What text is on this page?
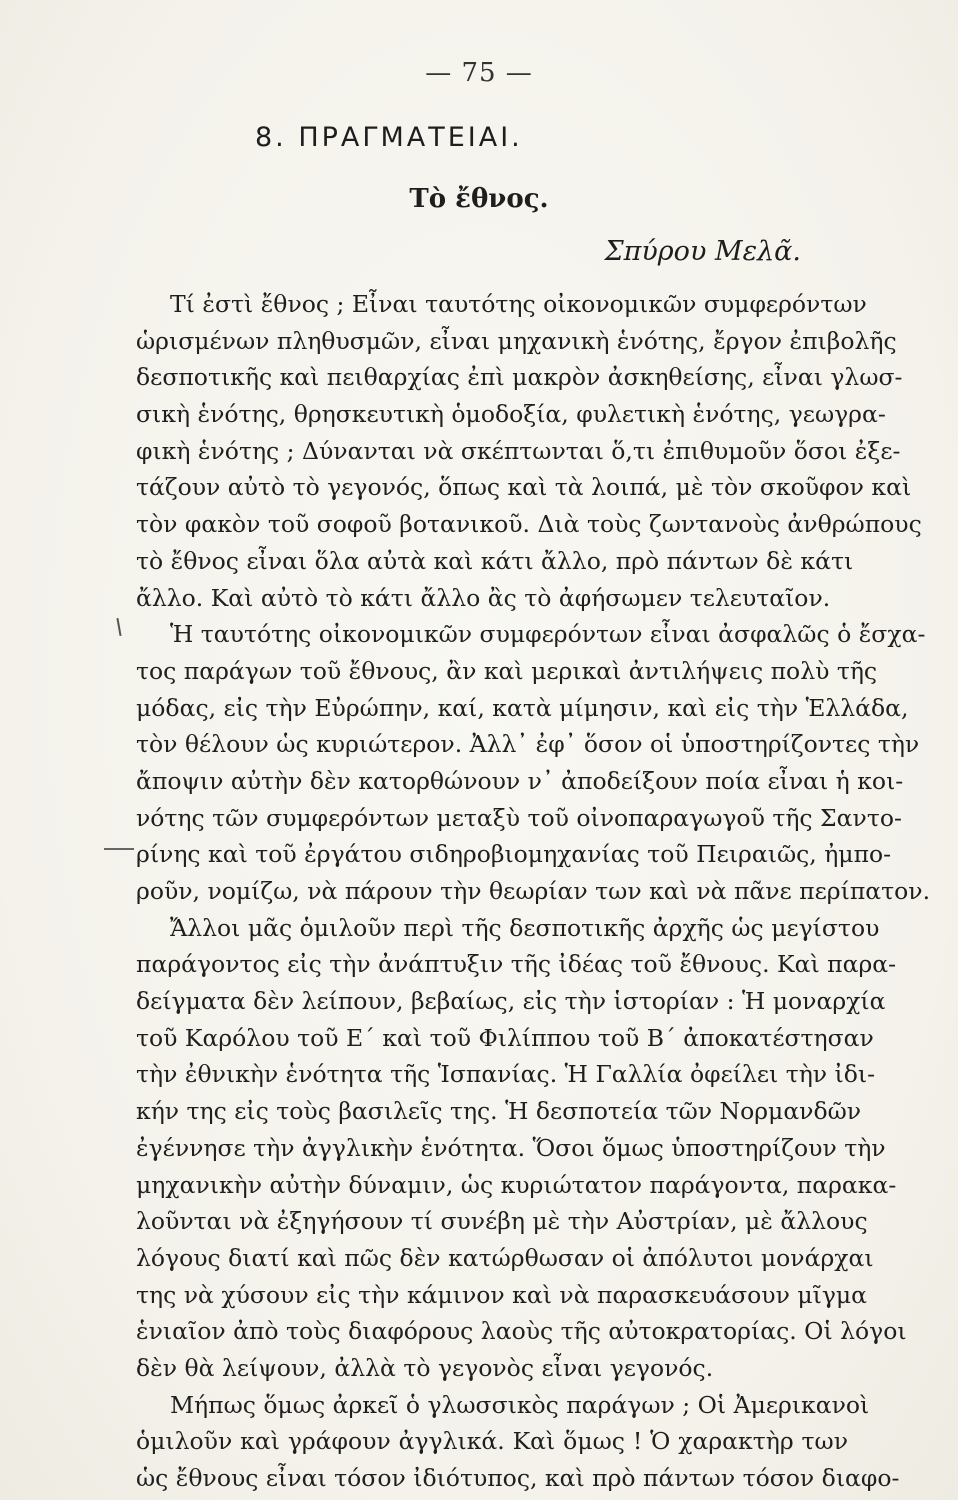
— 75 —
8. ΠΡΑΓΜΑΤΕΙΑΙ.
Τὸ ἔθνος.
Σπύρου Μελᾶ.
Τί ἐστὶ ἔθνος ; Εἶναι ταυτότης οἰκονομικῶν συμφερόντων
ὡρισμένων πληθυσμῶν, εἶναι μηχανικὴ ἑνότης, ἔργον ἐπιβολῆς
δεσποτικῆς καὶ πειθαρχίας ἐπὶ μακρὸν ἀσκηθείσης, εἶναι γλωσ-
σικὴ ἑνότης, θρησκευτικὴ ὁμοδοξία, φυλετικὴ ἑνότης, γεωγρα-
φικὴ ἑνότης ; Δύνανται νὰ σκέπτωνται ὅ,τι ἐπιθυμοῦν ὅσοι ἐξε-
τάζουν αὐτὸ τὸ γεγονός, ὅπως καὶ τὰ λοιπά, μὲ τὸν σκοῦφον καὶ
τὸν φακὸν τοῦ σοφοῦ βοτανικοῦ. Διὰ τοὺς ζωντανοὺς ἀνθρώπους
τὸ ἔθνος εἶναι ὅλα αὐτὰ καὶ κάτι ἄλλο, πρὸ πάντων δὲ κάτι
ἄλλο. Καὶ αὐτὸ τὸ κάτι ἄλλο ἂς τὸ ἀφήσωμεν τελευταῖον.
Ἡ ταυτότης οἰκονομικῶν συμφερόντων εἶναι ἀσφαλῶς ὁ ἔσχα-
τος παράγων τοῦ ἔθνους, ἂν καὶ μερικαὶ ἀντιλήψεις πολὺ τῆς
μόδας, εἰς τὴν Εὐρώπην, καί, κατὰ μίμησιν, καὶ εἰς τὴν Ἑλλάδα,
τὸν θέλουν ὡς κυριώτερον. Ἀλλ᾽ ἐφ᾽ ὅσον οἱ ὑποστηρίζοντες τὴν
ἄποψιν αὐτὴν δὲν κατορθώνουν ν᾽ ἀποδείξουν ποία εἶναι ἡ κοι-
νότης τῶν συμφερόντων μεταξὺ τοῦ οἰνοπαραγωγοῦ τῆς Σαντο-
ρίνης καὶ τοῦ ἐργάτου σιδηροβιομηχανίας τοῦ Πειραιῶς, ἠμπο-
ροῦν, νομίζω, νὰ πάρουν τὴν θεωρίαν των καὶ νὰ πᾶνε περίπατον.
Ἄλλοι μᾶς ὁμιλοῦν περὶ τῆς δεσποτικῆς ἀρχῆς ὡς μεγίστου
παράγοντος εἰς τὴν ἀνάπτυξιν τῆς ἰδέας τοῦ ἔθνους. Καὶ παρα-
δείγματα δὲν λείπουν, βεβαίως, εἰς τὴν ἱστορίαν : Ἡ μοναρχία
τοῦ Καρόλου τοῦ Ε΄ καὶ τοῦ Φιλίππου τοῦ Β΄ ἀποκατέστησαν
τὴν ἐθνικὴν ἑνότητα τῆς Ἱσπανίας. Ἡ Γαλλία ὀφείλει τὴν ἰδι-
κήν της εἰς τοὺς βασιλεῖς της. Ἡ δεσποτεία τῶν Νορμανδῶν
ἐγέννησε τὴν ἀγγλικὴν ἑνότητα. Ὅσοι ὅμως ὑποστηρίζουν τὴν
μηχανικὴν αὐτὴν δύναμιν, ὡς κυριώτατον παράγοντα, παρακα-
λοῦνται νὰ ἐξηγήσουν τί συνέβη μὲ τὴν Αὐστρίαν, μὲ ἄλλους
λόγους διατί καὶ πῶς δὲν κατώρθωσαν οἱ ἀπόλυτοι μονάρχαι
της νὰ χύσουν εἰς τὴν κάμινον καὶ νὰ παρασκευάσουν μῖγμα
ἑνιαῖον ἀπὸ τοὺς διαφόρους λαοὺς τῆς αὐτοκρατορίας. Οἱ λόγοι
δὲν θὰ λείψουν, ἀλλὰ τὸ γεγονὸς εἶναι γεγονός.
Μήπως ὅμως ἀρκεῖ ὁ γλωσσικὸς παράγων ; Οἱ Ἀμερικανοὶ
ὁμιλοῦν καὶ γράφουν ἀγγλικά. Καὶ ὅμως ! Ὁ χαρακτὴρ των
ὡς ἔθνους εἶναι τόσον ἰδιότυπος, καὶ πρὸ πάντων τόσον διαφο-
